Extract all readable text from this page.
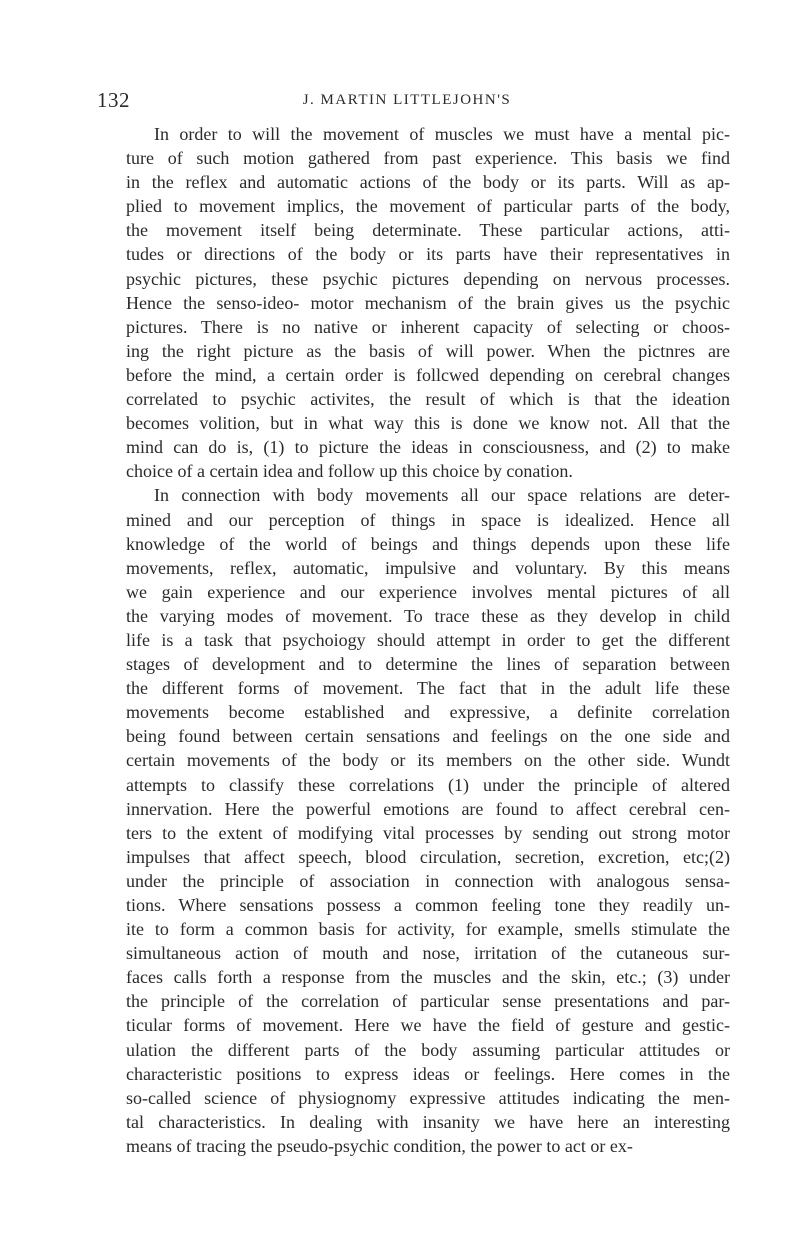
132	J. MARTIN LITTLEJOHN'S
In order to will the movement of muscles we must have a mental pic-
ture of such motion gathered from past experience. This basis we find
in the reflex and automatic actions of the body or its parts. Will as ap-
plied to movement implics, the movement of particular parts of the body,
the movement itself being determinate. These particular actions, atti-
tudes or directions of the body or its parts have their representatives in
psychic pictures, these psychic pictures depending on nervous processes.
Hence the senso-ideo- motor mechanism of the brain gives us the psychic
pictures. There is no native or inherent capacity of selecting or choos-
ing the right picture as the basis of will power. When the pictnres are
before the mind, a certain order is follcwed depending on cerebral changes
correlated to psychic activites, the result of which is that the ideation
becomes volition, but in what way this is done we know not. All that the
mind can do is, (1) to picture the ideas in consciousness, and (2) to make
choice of a certain idea and follow up this choice by conation.
In connection with body movements all our space relations are deter-
mined and our perception of things in space is idealized. Hence all
knowledge of the world of beings and things depends upon these life
movements, reflex, automatic, impulsive and voluntary. By this means
we gain experience and our experience involves mental pictures of all
the varying modes of movement. To trace these as they develop in child
life is a task that psychoiogy should attempt in order to get the different
stages of development and to determine the lines of separation between
the different forms of movement. The fact that in the adult life these
movements become established and expressive, a definite correlation
being found between certain sensations and feelings on the one side and
certain movements of the body or its members on the other side. Wundt
attempts to classify these correlations (1) under the principle of altered
innervation. Here the powerful emotions are found to affect cerebral cen-
ters to the extent of modifying vital processes by sending out strong motor
impulses that affect speech, blood circulation, secretion, excretion, etc;(2)
under the principle of association in connection with analogous sensa-
tions. Where sensations possess a common feeling tone they readily un-
ite to form a common basis for activity, for example, smells stimulate the
simultaneous action of mouth and nose, irritation of the cutaneous sur-
faces calls forth a response from the muscles and the skin, etc.; (3) under
the principle of the correlation of particular sense presentations and par-
ticular forms of movement. Here we have the field of gesture and gestic-
ulation the different parts of the body assuming particular attitudes or
characteristic positions to express ideas or feelings. Here comes in the
so-called science of physiognomy expressive attitudes indicating the men-
tal characteristics. In dealing with insanity we have here an interesting
means of tracing the pseudo-psychic condition, the power to act or ex-
